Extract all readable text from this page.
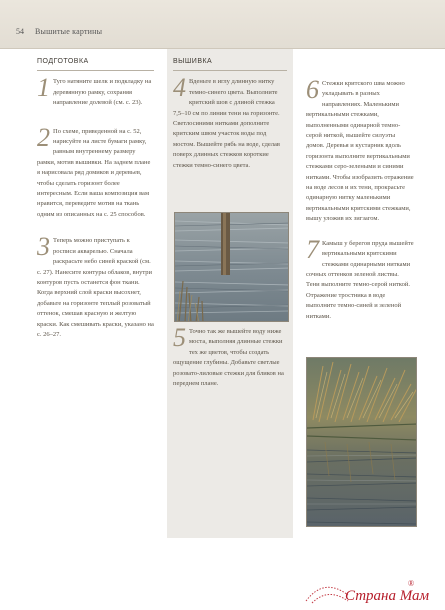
54 Вышитые картины
ПОДГОТОВКА
1 Туго натяните шелк и подкладку на деревянную рамку, сохраняя направление долевой (см. с. 23).

2 По схеме, приведенной на с. 52, нарисуйте на листе бумаги рамку, равным внутреннему размеру рамки, мотив вышивки. На заднем плане я нарисовала ряд домиков и деревьев, чтобы сделать горизонт более интересным. Если вашa композиция вам нравится, переведите мотив на ткань одним из описанных на с. 25 способов.

3 Теперь можно приступать к росписи акварелью. Сначала раскрасьте небо синей краской (см. с. 27). Нанесите контуры облаков, внутри контуров пусть останется фон ткани. Когда верхний слой краски высохнет, добавьте на горизонте теплый розоватый оттенок, смешав красную и желтую краски. Как смешивать краски, указано на с. 26–27.

ВЫШИВКА
4 Вденьте в иглу длинную нитку темно-синего цвета. Выполните критский шов с длиной стежка 7,5–10 см по линии тени на горизонте. Светлосиними нитками дополните критским швом участок воды под мостом. Вышейте рябь на воде, сделав поверх длинных стежков короткие стежки темно-синего цвета.

5 Точно так же вышейте воду ниже моста, выполняя длинные стежки тех же цветов, чтобы создать ощущение глубины. Добавьте светлые розовато-лиловые стежки для бликов на переднем плане.

6 Стежки критского шва можно укладывать в разных направлениях. Маленькими вертикальными стежками, выполненными одинарной темно-серой ниткой, вышейте силуэты домов. Деревья и кустарник вдоль горизонта выполните вертикальными стежками серо-зелеными и синими нитками. Чтобы изобразить отражение на воде лесов и их тени, прокрасьте одинарную нитку маленькими вертикальными критскими стежками, вышу уложив их зигзагом.

7 Камыш у берегов пруда вышейте вертикальными критскими стежками одинарными нитками сочных оттенков зеленой листвы. Тени выполните темно-серой ниткой. Отражение тростника в воде выполните темно-синей и зеленой нитками.

Страна Мам
®
